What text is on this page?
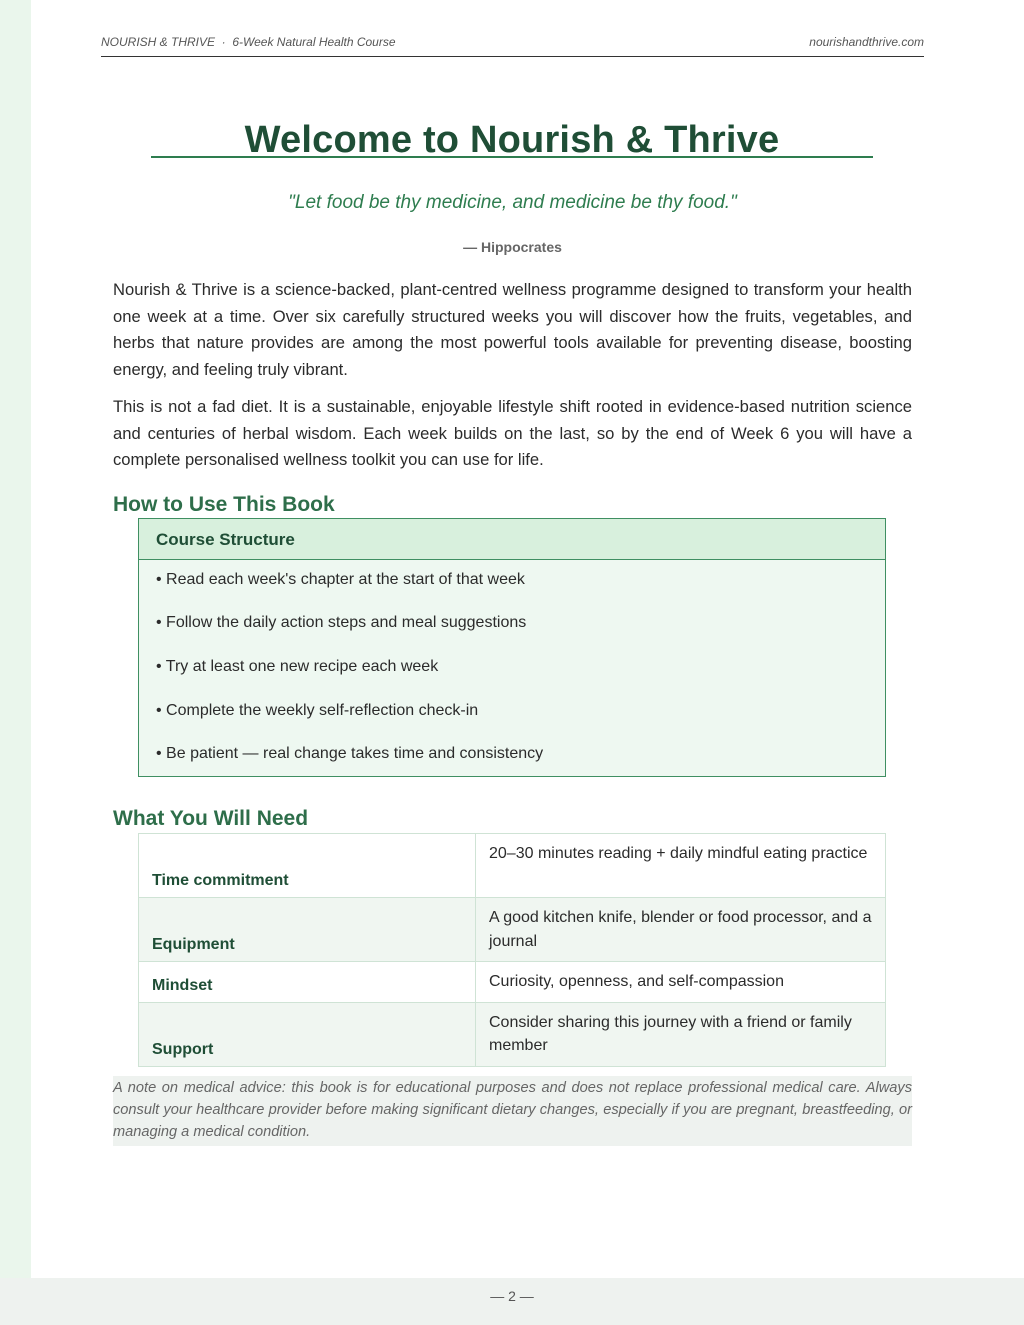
NOURISH & THRIVE  ·  6-Week Natural Health Course	nourishandthrive.com
Welcome to Nourish & Thrive
"Let food be thy medicine, and medicine be thy food."
— Hippocrates

Nourish & Thrive is a science-backed, plant-centred wellness programme designed to transform your health one week at a time. Over six carefully structured weeks you will discover how the fruits, vegetables, and herbs that nature provides are among the most powerful tools available for preventing disease, boosting energy, and feeling truly vibrant.

This is not a fad diet. It is a sustainable, enjoyable lifestyle shift rooted in evidence-based nutrition science and centuries of herbal wisdom. Each week builds on the last, so by the end of Week 6 you will have a complete personalised wellness toolkit you can use for life.

How to Use This Book
Course Structure
• Read each week's chapter at the start of that week
• Follow the daily action steps and meal suggestions
• Try at least one new recipe each week
• Complete the weekly self-reflection check-in
• Be patient — real change takes time and consistency
What You Will Need
Time commitment	20–30 minutes reading + daily mindful eating practice
Equipment	A good kitchen knife, blender or food processor, and a journal
Mindset	Curiosity, openness, and self-compassion
Support	Consider sharing this journey with a friend or family member

A note on medical advice: this book is for educational purposes and does not replace professional medical care. Always consult your healthcare provider before making significant dietary changes, especially if you are pregnant, breastfeeding, or managing a medical condition.

— 2 —
